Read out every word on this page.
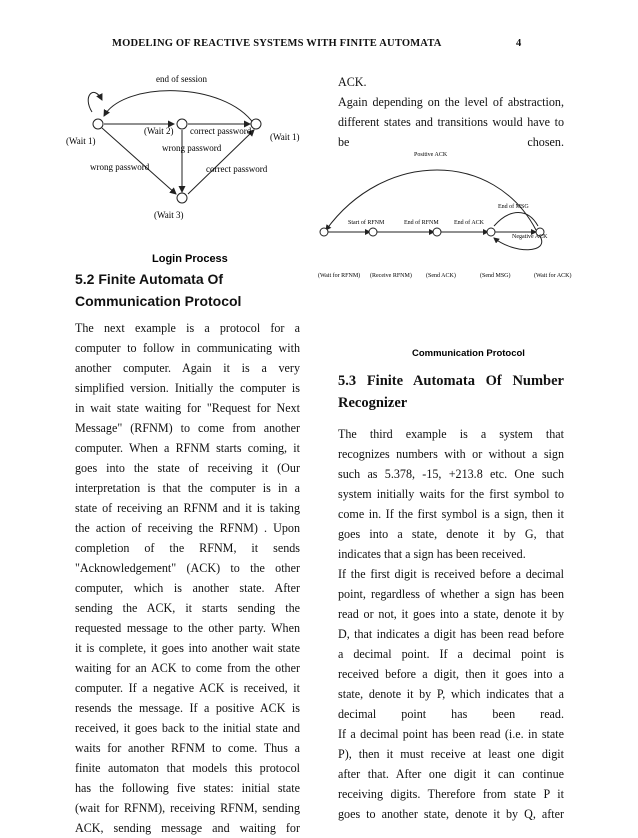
MODELING OF REACTIVE SYSTEMS WITH FINITE AUTOMATA	4
end of session
(Wait 2) correct password
(Wait 1)
(Wait 1)
wrong password
wrong password	correct password
(Wait 3)
Login Process
5.2 Finite Automata Of
Communication Protocol
The next example is a protocol for a
computer to follow in communicating with
another computer. Again it is a very
simplified version. Initially the computer is
in wait state waiting for "Request for Next
Message" (RFNM) to come from another
computer. When a RFNM starts coming, it
goes into the state of receiving it (Our
interpretation is that the computer is in a
state of receiving an RFNM and it is taking
the action of receiving the RFNM) . Upon
completion of the RFNM, it sends
"Acknowledgement" (ACK) to the other
computer, which is another state. After
sending the ACK, it starts sending the
requested message to the other party. When
it is complete, it goes into another wait state
waiting for an ACK to come from the other
computer. If a negative ACK is received, it
resends the message. If a positive ACK is
received, it goes back to the initial state and
waits for another RFNM to come. Thus a
finite automaton that models this protocol
has the following five states: initial state
(wait for RFNM), receiving RFNM, sending
ACK, sending message and waiting for
ACK.
Again depending on the level of abstraction,
different states and transitions would have to
be chosen.
Positive ACK
Start of RFNM	End of RFNM	End of ACK
End of MSG
Negative ACK
(Wait for RFNM) (Receive RFNM) (Send ACK)	(Send MSG)	(Wait for ACK)
Communication Protocol
5.3 Finite Automata Of Number
Recognizer
The third example is a system that
recognizes numbers with or without a sign
such as 5.378, -15, +213.8 etc. One such
system initially waits for the first symbol to
come in. If the first symbol is a sign, then it
goes into a state, denote it by G, that
indicates that a sign has been received.
If the first digit is received before a decimal
point, regardless of whether a sign has been
read or not, it goes into a state, denote it by
D, that indicates a digit has been read before
a decimal point. If a decimal point is
received before a digit, then it goes into a
state, denote it by P, which indicates that a
decimal point has been read.
If a decimal point has been read (i.e. in state
P), then it must receive at least one digit
after that. After one digit it can continue
receiving digits. Therefore from state P it
goes to another state, denote it by Q, after
